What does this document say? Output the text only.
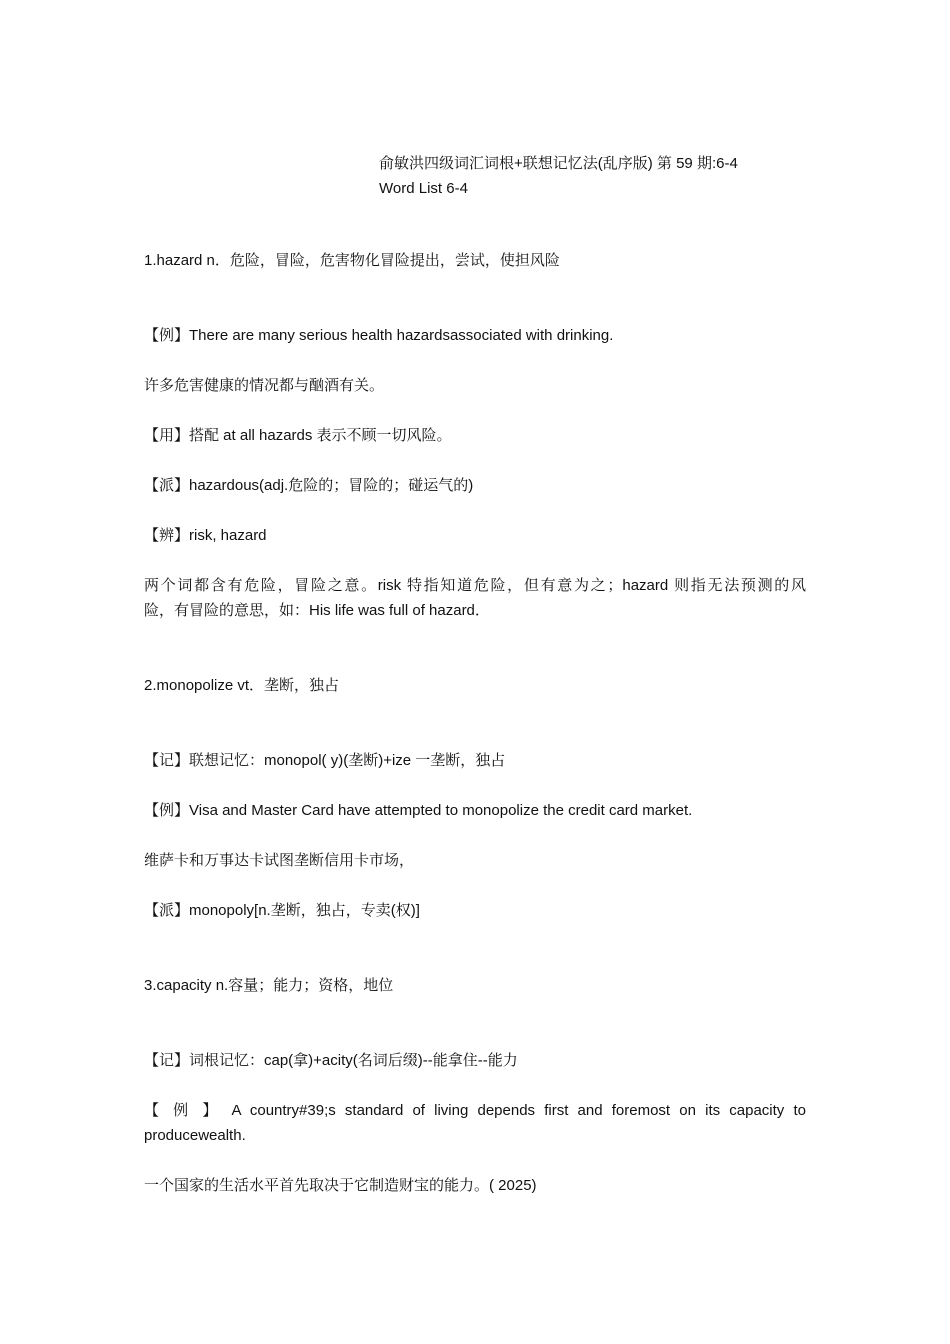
俞敏洪四级词汇词根+联想记忆法(乱序版) 第 59 期:6-4
Word List 6-4

1.hazard n．危险，冒险，危害物化冒险提出，尝试，使担风险

【例】There are many serious health hazardsassociated with drinking.

许多危害健康的情况都与酗酒有关。

【用】搭配 at all hazards 表示不顾一切风险。

【派】hazardous(adj.危险的；冒险的；碰运气的)

【辨】risk, hazard

两个词都含有危险，冒险之意。risk 特指知道危险，但有意为之；hazard 则指无法预测的风

险，有冒险的意思，如：His life was full of hazard．

2.monopolize vt．垄断，独占

【记】联想记忆：monopol( y)(垄断)+ize 一垄断，独占

【例】Visa and Master Card have attempted to monopolize the credit card market.

维萨卡和万事达卡试图垄断信用卡市场，

【派】monopoly[n.垄断，独占，专卖(权)]

3.capacity n.容量；能力；资格，地位

【记】词根记忆：cap(拿)+acity(名词后缀)--能拿住--能力

【 例 】 A country#39;s standard of living depends first and foremost on its capacity to

producewealth.

一个国家的生活水平首先取决于它制造财宝的能力。( 2025)
